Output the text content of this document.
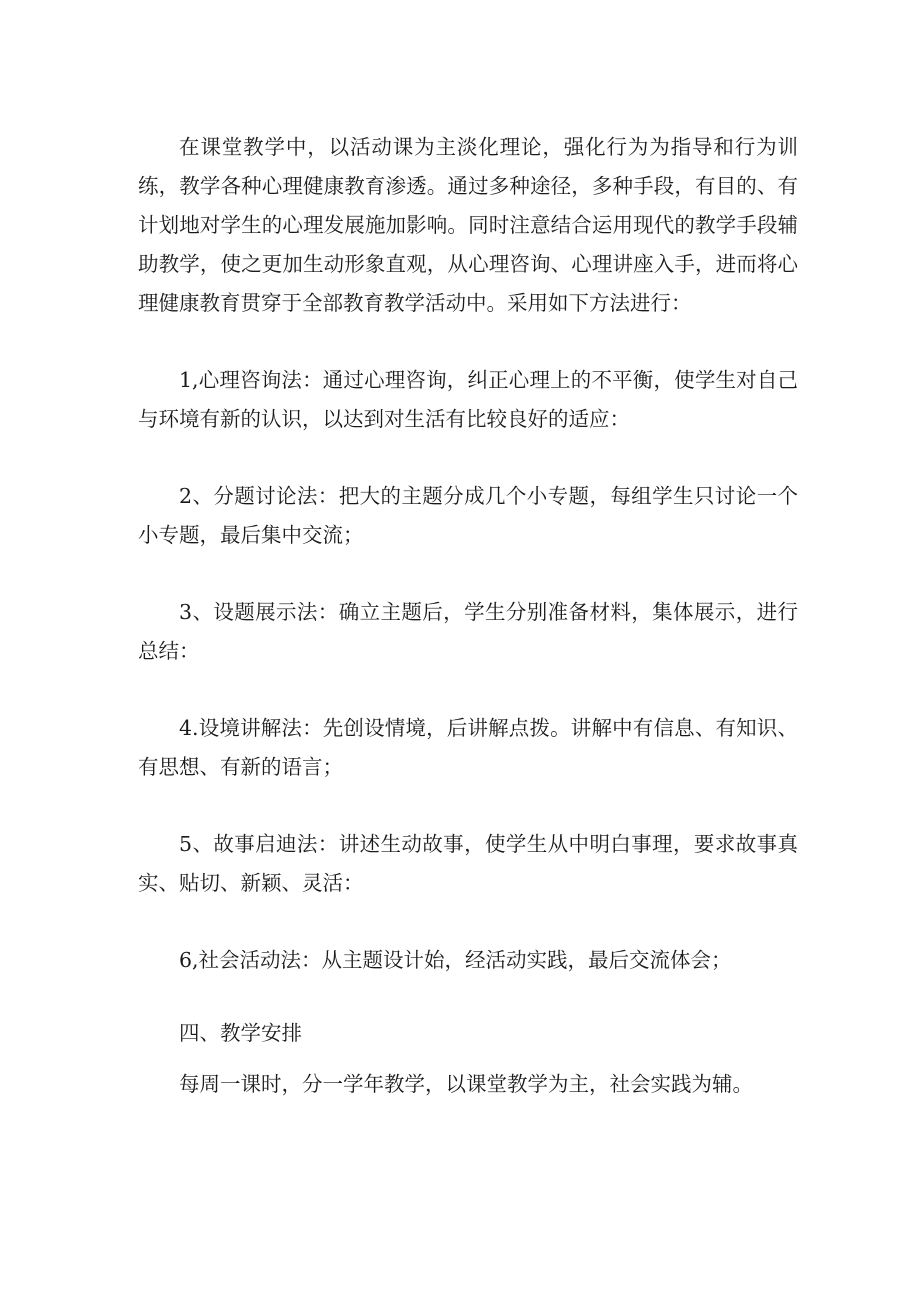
在课堂教学中，以活动课为主淡化理论，强化行为为指导和行为训练，教学各种心理健康教育渗透。通过多种途径，多种手段，有目的、有计划地对学生的心理发展施加影响。同时注意结合运用现代的教学手段辅助教学，使之更加生动形象直观，从心理咨询、心理讲座入手，进而将心理健康教育贯穿于全部教育教学活动中。采用如下方法进行：

1,心理咨询法：通过心理咨询，纠正心理上的不平衡，使学生对自己与环境有新的认识，以达到对生活有比较良好的适应：

2、分题讨论法：把大的主题分成几个小专题，每组学生只讨论一个小专题，最后集中交流；

3、设题展示法：确立主题后，学生分别准备材料，集体展示，进行总结：

4.设境讲解法：先创设情境，后讲解点拨。讲解中有信息、有知识、有思想、有新的语言；

5、故事启迪法：讲述生动故事，使学生从中明白事理，要求故事真实、贴切、新颖、灵活：

6,社会活动法：从主题设计始，经活动实践，最后交流体会；

四、教学安排

每周一课时，分一学年教学，以课堂教学为主，社会实践为辅。
